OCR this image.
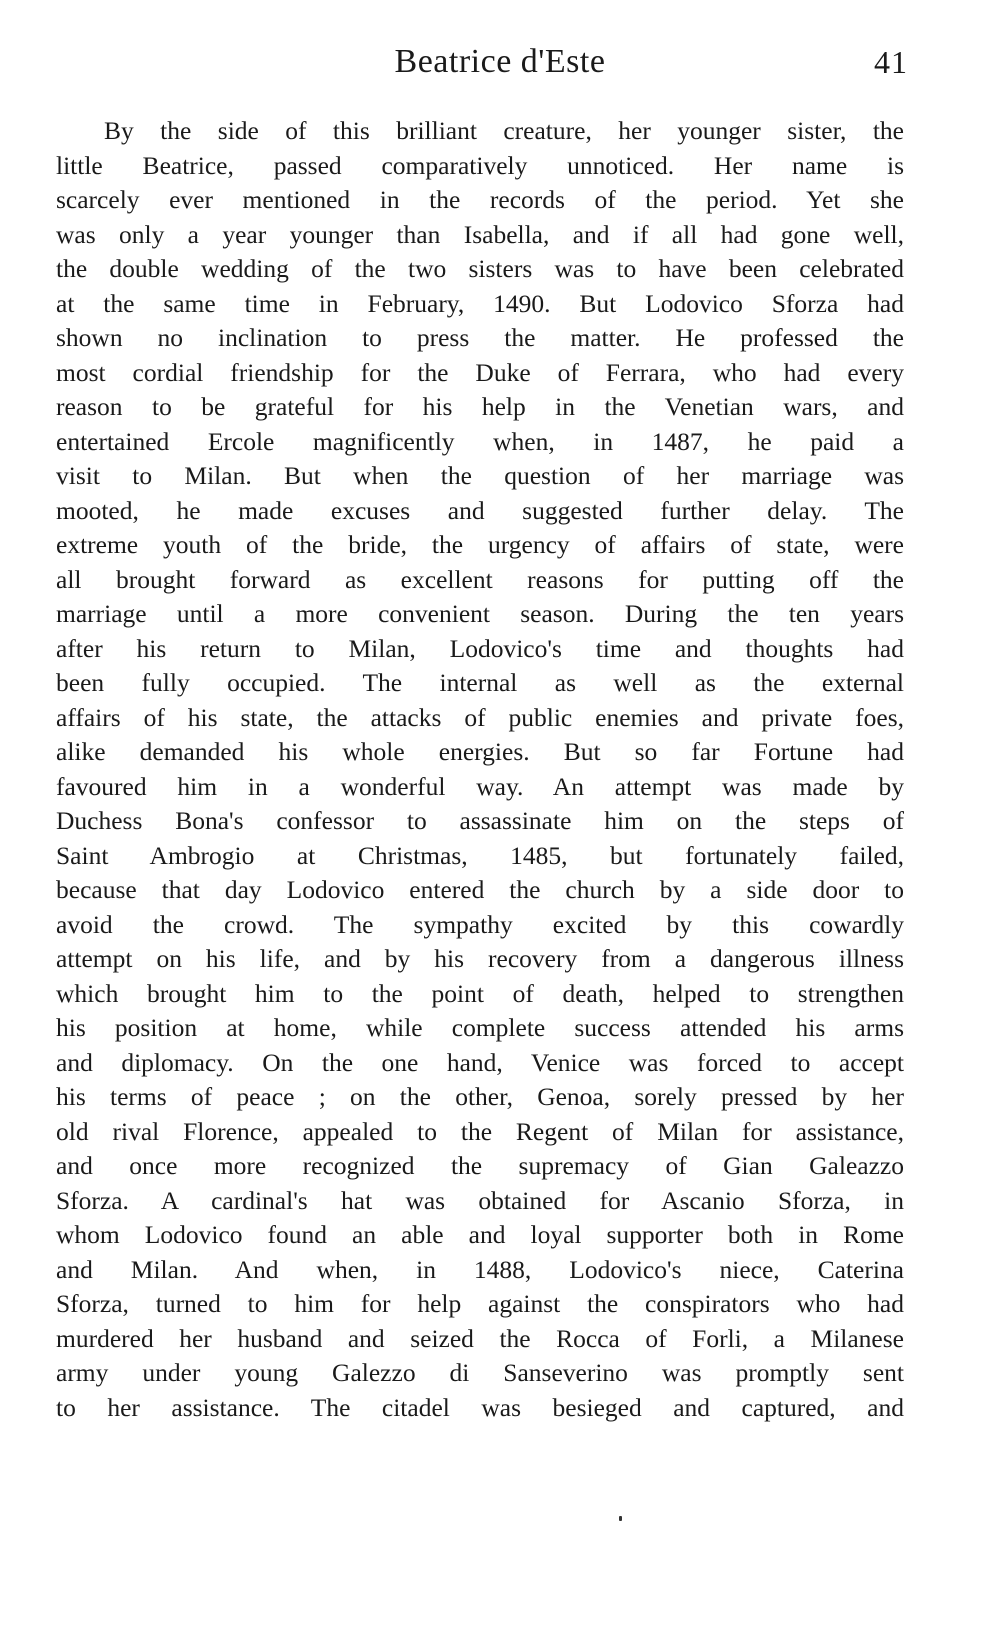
Beatrice d'Este	41
By the side of this brilliant creature, her younger sister, the
little Beatrice, passed comparatively unnoticed. Her name is
scarcely ever mentioned in the records of the period. Yet she
was only a year younger than Isabella, and if all had gone well,
the double wedding of the two sisters was to have been celebrated
at the same time in February, 1490. But Lodovico Sforza had
shown no inclination to press the matter. He professed the
most cordial friendship for the Duke of Ferrara, who had every
reason to be grateful for his help in the Venetian wars, and
entertained Ercole magnificently when, in 1487, he paid a
visit to Milan. But when the question of her marriage was
mooted, he made excuses and suggested further delay. The
extreme youth of the bride, the urgency of affairs of state, were
all brought forward as excellent reasons for putting off the
marriage until a more convenient season. During the ten years
after his return to Milan, Lodovico's time and thoughts had
been fully occupied. The internal as well as the external
affairs of his state, the attacks of public enemies and private foes,
alike demanded his whole energies. But so far Fortune had
favoured him in a wonderful way. An attempt was made by
Duchess Bona's confessor to assassinate him on the steps of
Saint Ambrogio at Christmas, 1485, but fortunately failed,
because that day Lodovico entered the church by a side door to
avoid the crowd. The sympathy excited by this cowardly
attempt on his life, and by his recovery from a dangerous illness
which brought him to the point of death, helped to strengthen
his position at home, while complete success attended his arms
and diplomacy. On the one hand, Venice was forced to accept
his terms of peace ; on the other, Genoa, sorely pressed by her
old rival Florence, appealed to the Regent of Milan for assistance,
and once more recognized the supremacy of Gian Galeazzo
Sforza. A cardinal's hat was obtained for Ascanio Sforza, in
whom Lodovico found an able and loyal supporter both in Rome
and Milan. And when, in 1488, Lodovico's niece, Caterina
Sforza, turned to him for help against the conspirators who had
murdered her husband and seized the Rocca of Forli, a Milanese
army under young Galezzo di Sanseverino was promptly sent
to her assistance. The citadel was besieged and captured, and
